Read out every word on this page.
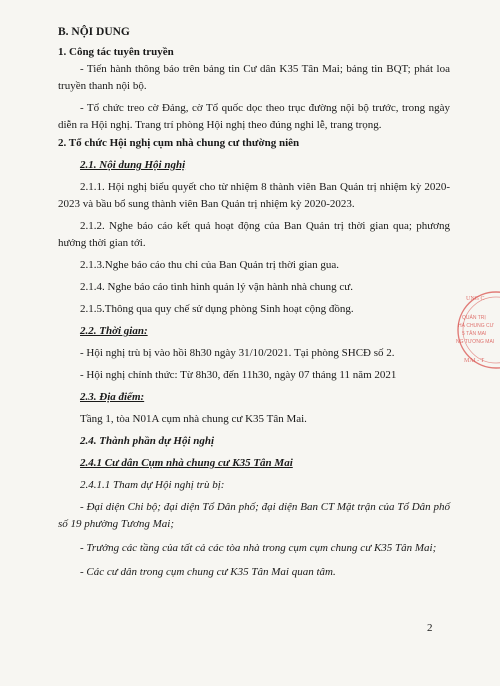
B. NỘI DUNG

1. Công tác tuyên truyền

- Tiến hành thông báo trên bảng tin Cư dân K35 Tân Mai; bảng tin BQT; phát loa truyền thanh nội bộ.

- Tổ chức treo cờ Đảng, cờ Tổ quốc dọc theo trục đường nội bộ trước, trong ngày diễn ra Hội nghị. Trang trí phòng Hội nghị theo đúng nghi lễ, trang trọng.

2. Tổ chức Hội nghị cụm nhà chung cư thường niên

2.1. Nội dung Hội nghị

2.1.1. Hội nghị biểu quyết cho từ nhiệm 8 thành viên Ban Quản trị nhiệm kỳ 2020-2023 và bầu bổ sung thành viên Ban Quản trị nhiệm kỳ 2020-2023.

2.1.2. Nghe báo cáo kết quả hoạt động của Ban Quản trị thời gian qua; phương hướng thời gian tới.

2.1.3.Nghe báo cáo thu chi của Ban Quản trị thời gian gua.

2.1.4. Nghe báo cáo tình hình quản lý vận hành nhà chung cư.

2.1.5.Thông qua quy chế sử dụng phòng Sinh hoạt cộng đồng.

2.2. Thời gian:

- Hội nghị trù bị vào hồi 8h30 ngày 31/10/2021. Tại phòng SHCĐ số 2.

- Hội nghị chính thức: Từ 8h30, đến 11h30, ngày 07 tháng 11 năm 2021

2.3. Địa điểm:

Tầng 1, tòa N01A cụm nhà chung cư K35 Tân Mai.

2.4. Thành phần dự Hội nghị

2.4.1 Cư dân Cụm nhà chung cư K35 Tân Mai

2.4.1.1 Tham dự Hội nghị trù bị:

- Đại diện Chi bộ; đại diện Tổ Dân phố; đại diện Ban CT Mặt trận của Tổ Dân phố số 19 phường Tương Mai;

- Trưởng các tầng của tất cả các tòa nhà trong cụm cụm chung cư K35 Tân Mai;

- Các cư dân trong cụm chung cư K35 Tân Mai quan tâm.

2
UNG C
QUẢN TRỊ
HÀ CHUNG CƯ
5 TÂN MAI
NG TƯƠNG MAI
MAI - T
